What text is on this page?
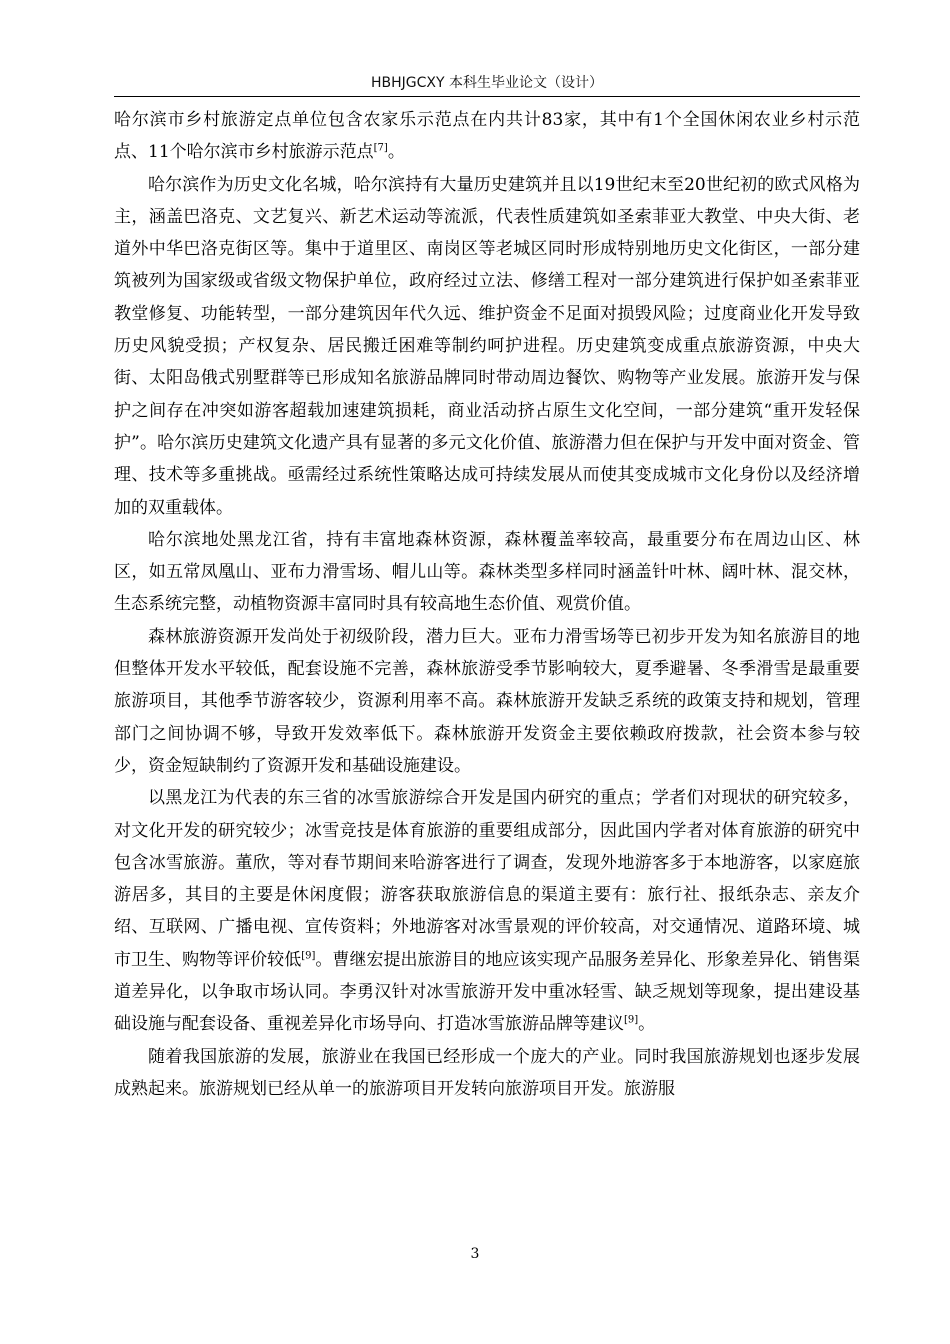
HBHJGCXY 本科生毕业论文（设计）

哈尔滨市乡村旅游定点单位包含农家乐示范点在内共计83家，其中有1个全国休闲农业乡村示范点、11个哈尔滨市乡村旅游示范点[7]。

哈尔滨作为历史文化名城，哈尔滨持有大量历史建筑并且以19世纪末至20世纪初的欧式风格为主，涵盖巴洛克、文艺复兴、新艺术运动等流派，代表性质建筑如圣索菲亚大教堂、中央大街、老道外中华巴洛克街区等。集中于道里区、南岗区等老城区同时形成特别地历史文化街区，一部分建筑被列为国家级或省级文物保护单位，政府经过立法、修缮工程对一部分建筑进行保护如圣索菲亚教堂修复、功能转型，一部分建筑因年代久远、维护资金不足面对损毁风险；过度商业化开发导致历史风貌受损；产权复杂、居民搬迁困难等制约呵护进程。历史建筑变成重点旅游资源，中央大街、太阳岛俄式别墅群等已形成知名旅游品牌同时带动周边餐饮、购物等产业发展。旅游开发与保护之间存在冲突如游客超载加速建筑损耗，商业活动挤占原生文化空间，一部分建筑“重开发轻保护”。哈尔滨历史建筑文化遗产具有显著的多元文化价值、旅游潜力但在保护与开发中面对资金、管理、技术等多重挑战。亟需经过系统性策略达成可持续发展从而使其变成城市文化身份以及经济增加的双重载体。

哈尔滨地处黑龙江省，持有丰富地森林资源，森林覆盖率较高，最重要分布在周边山区、林区，如五常凤凰山、亚布力滑雪场、帽儿山等。森林类型多样同时涵盖针叶林、阔叶林、混交林，生态系统完整，动植物资源丰富同时具有较高地生态价值、观赏价值。

森林旅游资源开发尚处于初级阶段，潜力巨大。亚布力滑雪场等已初步开发为知名旅游目的地但整体开发水平较低，配套设施不完善，森林旅游受季节影响较大，夏季避暑、冬季滑雪是最重要旅游项目，其他季节游客较少，资源利用率不高。森林旅游开发缺乏系统的政策支持和规划，管理部门之间协调不够，导致开发效率低下。森林旅游开发资金主要依赖政府拨款，社会资本参与较少，资金短缺制约了资源开发和基础设施建设。

以黑龙江为代表的东三省的冰雪旅游综合开发是国内研究的重点；学者们对现状的研究较多，对文化开发的研究较少；冰雪竞技是体育旅游的重要组成部分，因此国内学者对体育旅游的研究中包含冰雪旅游。董欣，等对春节期间来哈游客进行了调查，发现外地游客多于本地游客，以家庭旅游居多，其目的主要是休闲度假；游客获取旅游信息的渠道主要有：旅行社、报纸杂志、亲友介绍、互联网、广播电视、宣传资料；外地游客对冰雪景观的评价较高，对交通情况、道路环境、城市卫生、购物等评价较低[9]。曹继宏提出旅游目的地应该实现产品服务差异化、形象差异化、销售渠道差异化，以争取市场认同。李勇汉针对冰雪旅游开发中重冰轻雪、缺乏规划等现象，提出建设基础设施与配套设备、重视差异化市场导向、打造冰雪旅游品牌等建议[9]。

随着我国旅游的发展，旅游业在我国已经形成一个庞大的产业。同时我国旅游规划也逐步发展成熟起来。旅游规划已经从单一的旅游项目开发转向旅游项目开发。旅游服

3
